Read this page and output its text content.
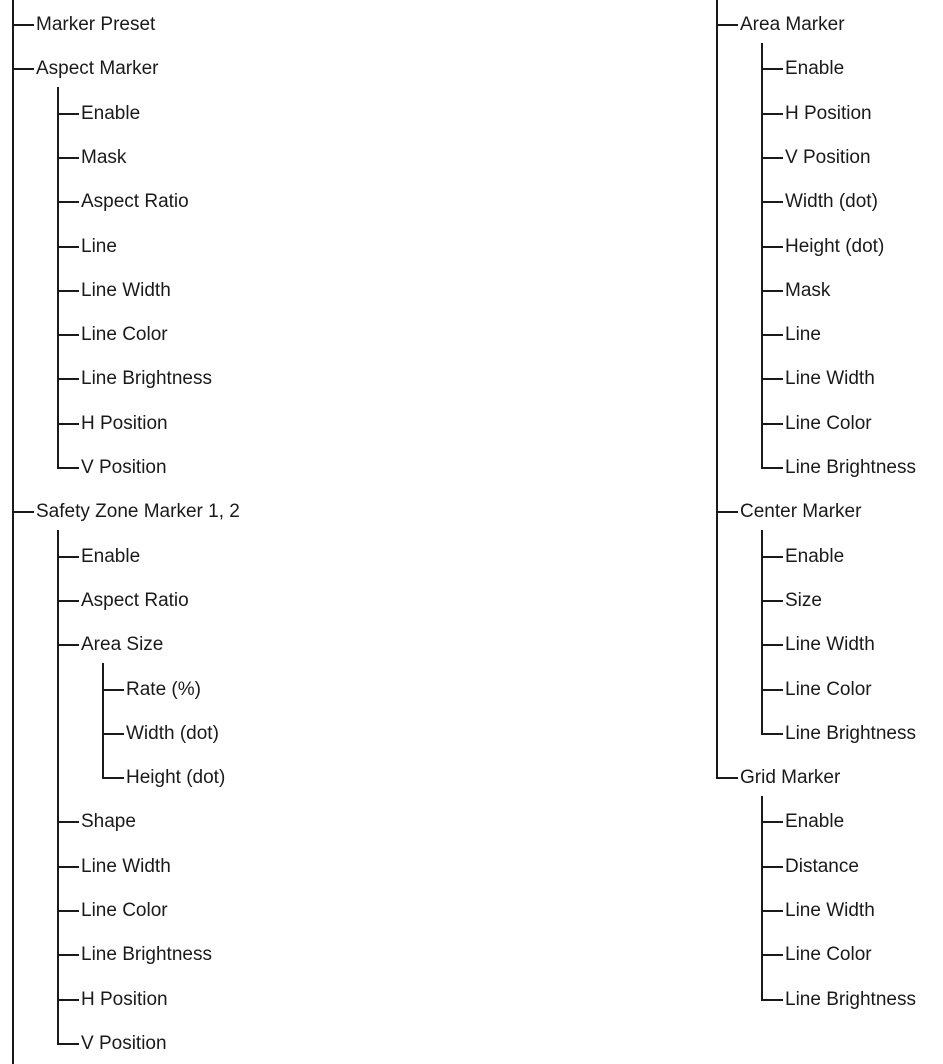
Marker Preset
Aspect Marker
Enable
Mask
Aspect Ratio
Line
Line Width
Line Color
Line Brightness
H Position
V Position
Safety Zone Marker 1, 2
Enable
Aspect Ratio
Area Size
Rate (%)
Width (dot)
Height (dot)
Shape
Line Width
Line Color
Line Brightness
H Position
V Position
Area Marker
Enable
H Position
V Position
Width (dot)
Height (dot)
Mask
Line
Line Width
Line Color
Line Brightness
Center Marker
Enable
Size
Line Width
Line Color
Line Brightness
Grid Marker
Enable
Distance
Line Width
Line Color
Line Brightness
